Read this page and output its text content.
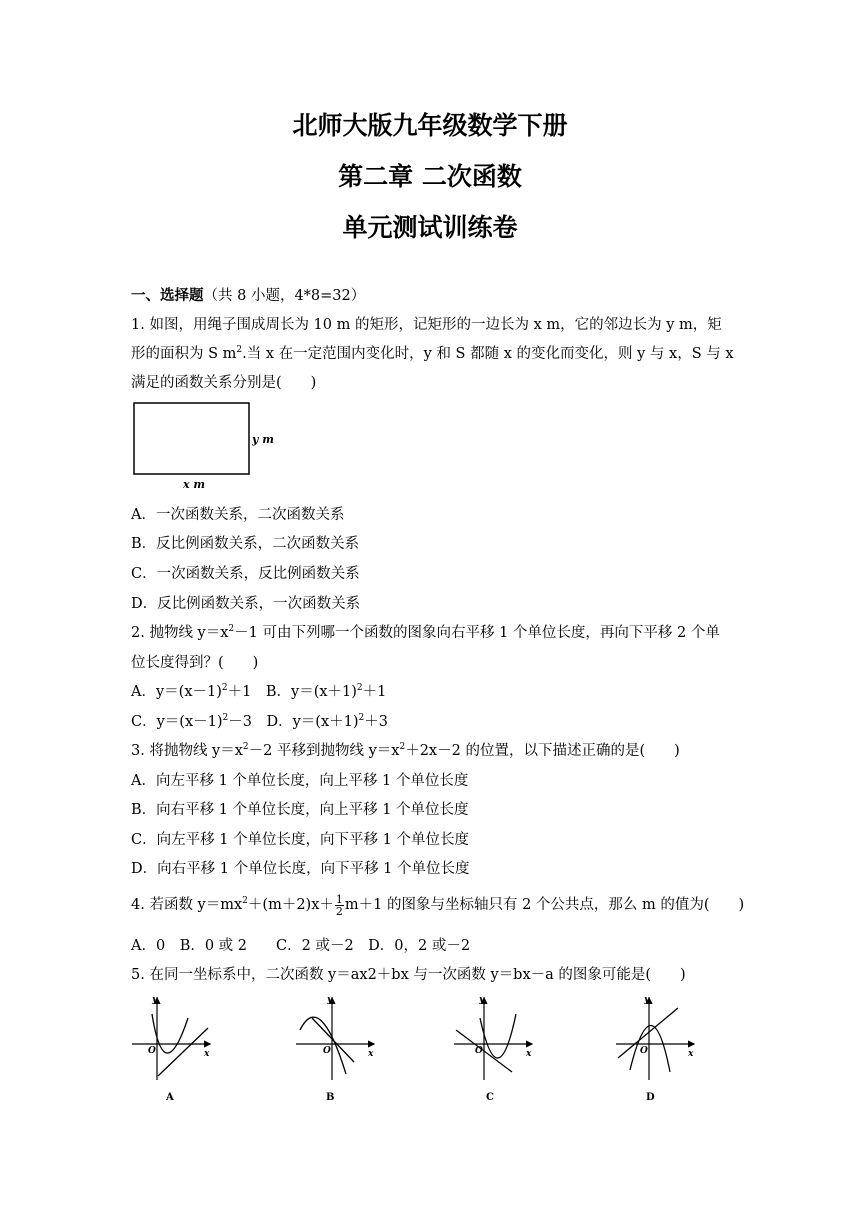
北师大版九年级数学下册
第二章 二次函数
单元测试训练卷
一、选择题（共 8 小题，4*8=32）
1. 如图，用绳子围成周长为 10 m 的矩形，记矩形的一边长为 x m，它的邻边长为 y m，矩
形的面积为 S $m^2$.当 x 在一定范围内变化时，y 和 S 都随 x 的变化而变化，则 y 与 x，S 与 x
满足的函数关系分别是(　　)
y m
x m
A．一次函数关系，二次函数关系
B．反比例函数关系，二次函数关系
C．一次函数关系，反比例函数关系
D．反比例函数关系，一次函数关系
2. 抛物线 $y=x^2-1$ 可由下列哪一个函数的图象向右平移 1 个单位长度，再向下平移 2 个单
位长度得到？(　　)
A．$y=(x-1)^2+1$　B．$y=(x+1)^2+1$
C．$y=(x-1)^2-3$　D．$y=(x+1)^2+3$
3. 将抛物线 $y=x^2-2$ 平移到抛物线 $y=x^2+2x-2$ 的位置，以下描述正确的是(　　)
A．向左平移 1 个单位长度，向上平移 1 个单位长度
B．向右平移 1 个单位长度，向上平移 1 个单位长度
C．向左平移 1 个单位长度，向下平移 1 个单位长度
D．向右平移 1 个单位长度，向下平移 1 个单位长度
4. 若函数 $y=mx^2+(m+2)x+ \frac{1}{2} m+1$ 的图象与坐标轴只有 2 个公共点，那么 m 的值为(　　)
A．0　B．0 或 2　　C．2 或－2　D．0，2 或－2
5. 在同一坐标系中，二次函数 y＝ax2＋bx 与一次函数 y＝bx－a 的图象可能是(　　)
y
x
O
A
y
x
O
B
y
x
O
C
y
x
O
D
